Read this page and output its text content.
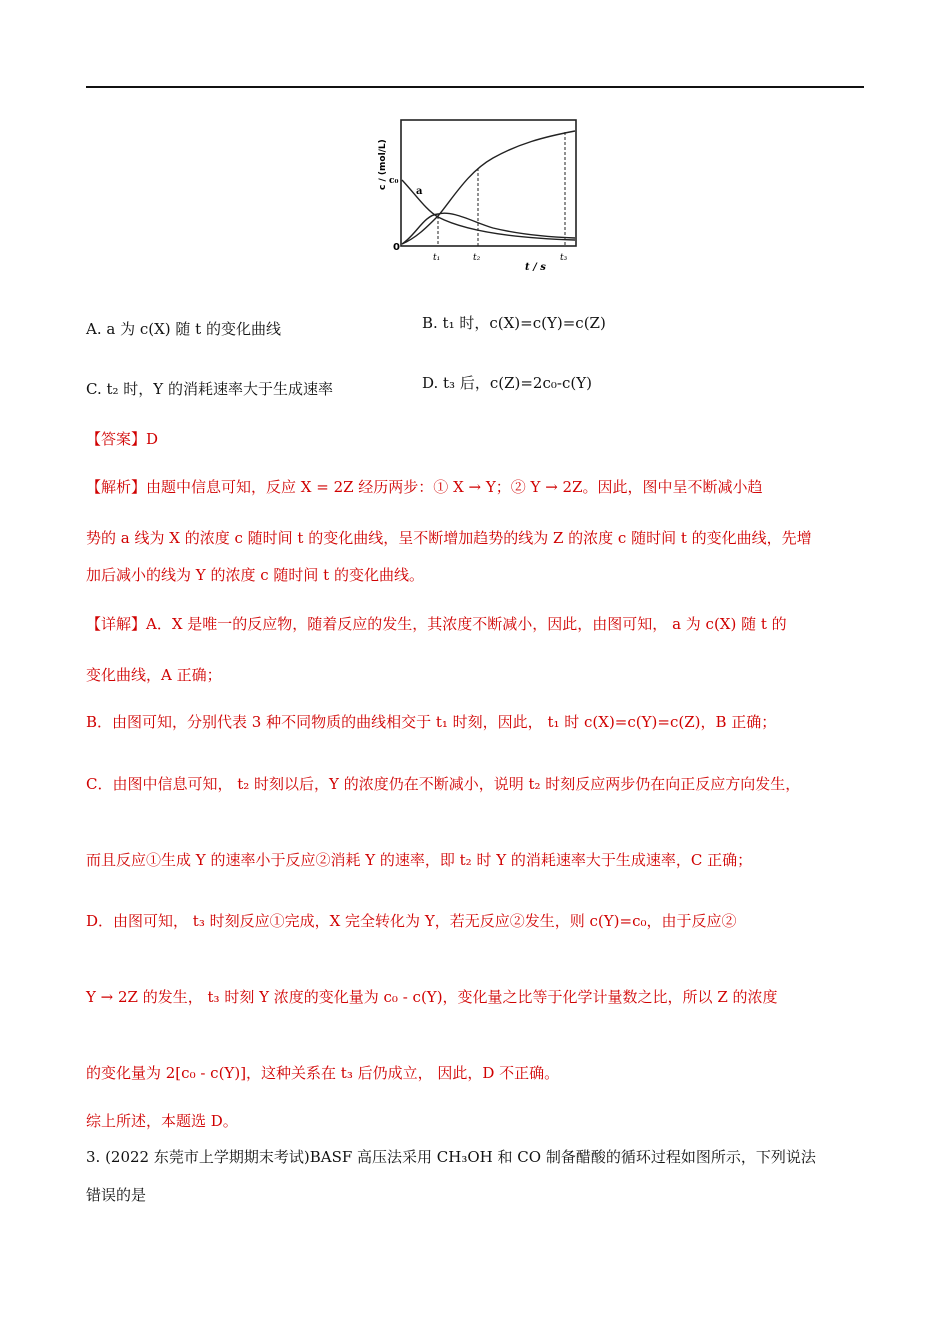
c / (mol/L) c₀
a
0
t₁	t₂	t₃
t / s
A. a 为 c(X) 随 t 的变化曲线	B. t₁ 时，c(X)=c(Y)=c(Z)
C. t₂ 时，Y 的消耗速率大于生成速率	D. t₃ 后，c(Z)=2c₀-c(Y)
【答案】D
【解析】由题中信息可知，反应 X = 2Z 经历两步：① X → Y；② Y → 2Z。因此，图中呈不断减小趋
势的 a 线为 X 的浓度 c 随时间 t 的变化曲线，呈不断增加趋势的线为 Z 的浓度 c 随时间 t 的变化曲线，先增
加后减小的线为 Y 的浓度 c 随时间 t 的变化曲线。
【详解】A．X 是唯一的反应物，随着反应的发生，其浓度不断减小，因此，由图可知， a 为 c(X) 随 t 的
变化曲线，A 正确；
B．由图可知，分别代表 3 种不同物质的曲线相交于 t₁ 时刻，因此， t₁ 时 c(X)=c(Y)=c(Z)，B 正确；
C．由图中信息可知， t₂ 时刻以后，Y 的浓度仍在不断减小，说明 t₂ 时刻反应两步仍在向正反应方向发生，
而且反应①生成 Y 的速率小于反应②消耗 Y 的速率，即 t₂ 时 Y 的消耗速率大于生成速率，C 正确；
D．由图可知， t₃ 时刻反应①完成，X 完全转化为 Y，若无反应②发生，则 c(Y)=c₀，由于反应②
Y → 2Z 的发生， t₃ 时刻 Y 浓度的变化量为 c₀ - c(Y)，变化量之比等于化学计量数之比，所以 Z 的浓度
的变化量为 2[c₀ - c(Y)]，这种关系在 t₃ 后仍成立， 因此，D 不正确。
综上所述，本题选 D。
3. (2022 东莞市上学期期末考试)BASF 高压法采用 CH₃OH 和 CO 制备醋酸的循环过程如图所示，下列说法
错误的是
